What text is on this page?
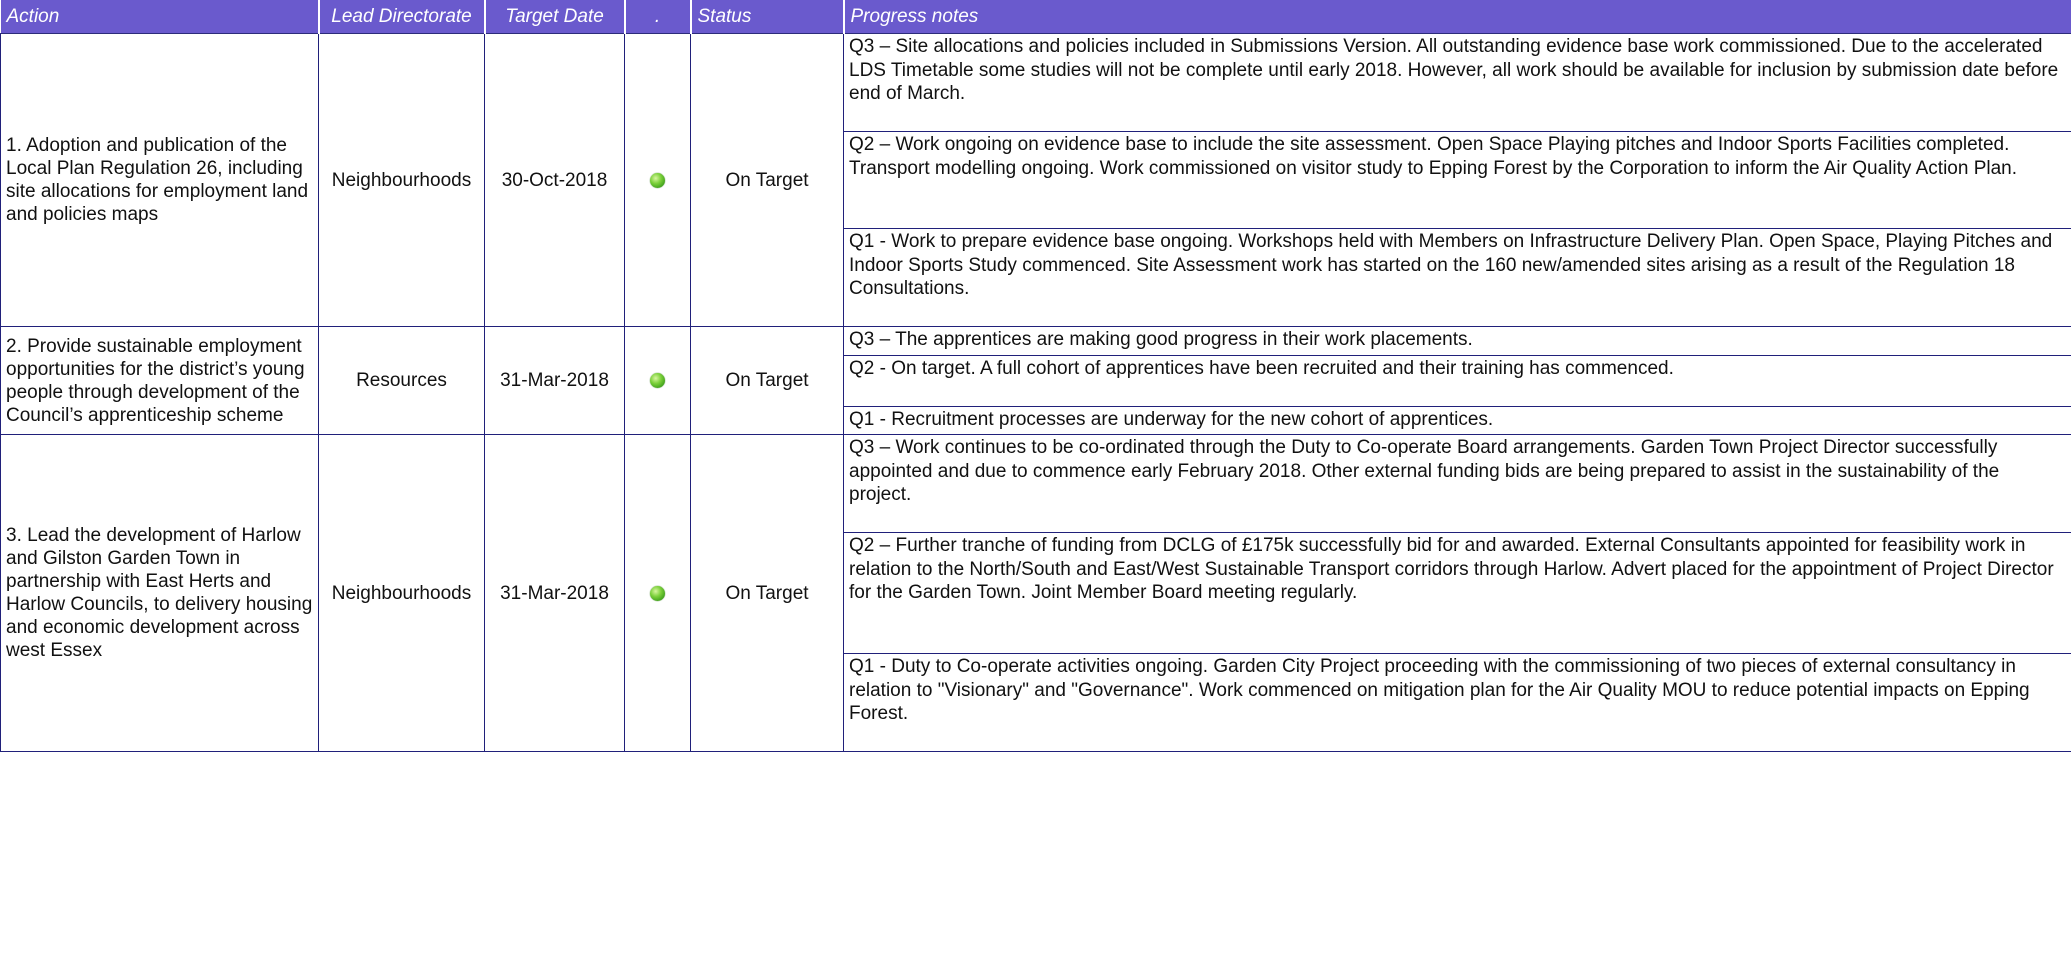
Action	Lead Directorate	Target Date	.	Status	Progress notes
1. Adoption and publication of the Local Plan Regulation 26, including site allocations for employment land and policies maps	Neighbourhoods	30-Oct-2018		On Target	Q3 – Site allocations and policies included in Submissions Version. All outstanding evidence base work commissioned. Due to the accelerated LDS Timetable some studies will not be complete until early 2018. However, all work should be available for inclusion by submission date before end of March.
					Q2 – Work ongoing on evidence base to include the site assessment. Open Space Playing pitches and Indoor Sports Facilities completed. Transport modelling ongoing. Work commissioned on visitor study to Epping Forest by the Corporation to inform the Air Quality Action Plan.
					Q1 - Work to prepare evidence base ongoing. Workshops held with Members on Infrastructure Delivery Plan. Open Space, Playing Pitches and Indoor Sports Study commenced. Site Assessment work has started on the 160 new/amended sites arising as a result of the Regulation 18 Consultations.
2. Provide sustainable employment opportunities for the district’s young people through development of the Council’s apprenticeship scheme	Resources	31-Mar-2018		On Target	Q3 – The apprentices are making good progress in their work placements.
					Q2 - On target. A full cohort of apprentices have been recruited and their training has commenced.
					Q1 - Recruitment processes are underway for the new cohort of apprentices.
3. Lead the development of Harlow and Gilston Garden Town in partnership with East Herts and Harlow Councils, to delivery housing and economic development across west Essex	Neighbourhoods	31-Mar-2018		On Target	Q3 – Work continues to be co-ordinated through the Duty to Co-operate Board arrangements. Garden Town Project Director successfully appointed and due to commence early February 2018. Other external funding bids are being prepared to assist in the sustainability of the project.
					Q2 – Further tranche of funding from DCLG of £175k successfully bid for and awarded. External Consultants appointed for feasibility work in relation to the North/South and East/West Sustainable Transport corridors through Harlow. Advert placed for the appointment of Project Director for the Garden Town. Joint Member Board meeting regularly.
					Q1 - Duty to Co-operate activities ongoing. Garden City Project proceeding with the commissioning of two pieces of external consultancy in relation to "Visionary" and "Governance". Work commenced on mitigation plan for the Air Quality MOU to reduce potential impacts on Epping Forest.
